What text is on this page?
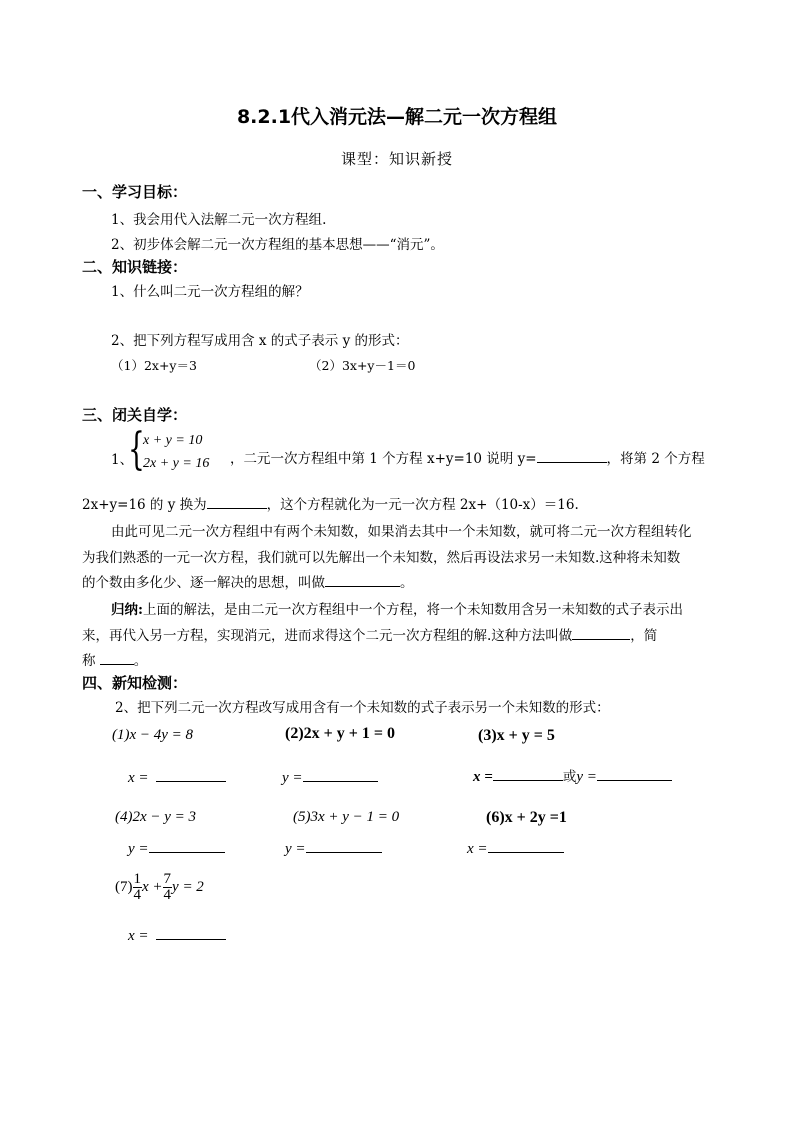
8.2.1代入消元法—解二元一次方程组
课型：知识新授
一、学习目标：
1、我会用代入法解二元一次方程组.
2、初步体会解二元一次方程组的基本思想——“消元”。
二、知识链接：
1、什么叫二元一次方程组的解？
2、把下列方程写成用含 x 的式子表示 y 的形式：
（1）2x+y＝3	（2）3x+y－1＝0
三、闭关自学：
1、
{
x + y = 10
2x + y = 16 ，二元一次方程组中第 1 个方程 x+y=10 说明 y=	，将第 2 个方程
2x+y=16 的 y 换为	，这个方程就化为一元一次方程 2x+（10-x）＝16.
由此可见二元一次方程组中有两个未知数，如果消去其中一个未知数，就可将二元一次方程组转化
为我们熟悉的一元一次方程，我们就可以先解出一个未知数，然后再设法求另一未知数.这种将未知数
的个数由多化少、逐一解决的思想，叫做	。
归纳:上面的解法，是由二元一次方程组中一个方程，将一个未知数用含另一未知数的式子表示出
来，再代入另一方程，实现消元，进而求得这个二元一次方程组的解.这种方法叫做	，简
称	。
四、新知检测：
2、把下列二元一次方程改写成用含有一个未知数的式子表示另一个未知数的形式：
(1)x − 4y = 8	(2)2x + y + 1 = 0	(3)x + y = 5
x =	y =	x =	或y =
(4)2x − y = 3	(5)3x + y − 1 = 0	(6)x + 2y =1
y =	y =	x =
$(7) \frac{1}{4}$ $x + \frac{7}{4}$ y = 2
x =
